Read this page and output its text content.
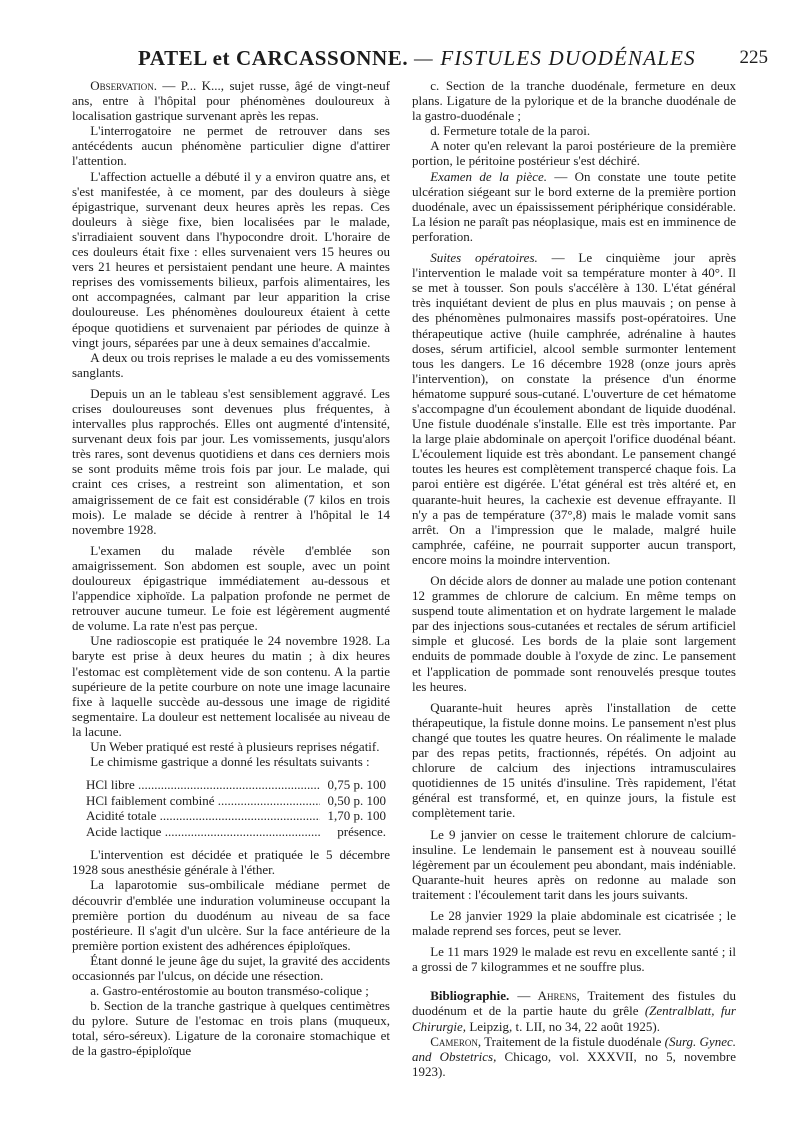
PATEL et CARCASSONNE. — FISTULES DUODÉNALES 225

Observation. — P... K..., sujet russe, âgé de vingt-neuf ans, entre à l'hôpital pour phénomènes douloureux à localisation gastrique survenant après les repas.

L'interrogatoire ne permet de retrouver dans ses antécédents aucun phénomène particulier digne d'attirer l'attention.

L'affection actuelle a débuté il y a environ quatre ans, et s'est manifestée, à ce moment, par des douleurs à siège épigastrique, survenant deux heures après les repas. Ces douleurs à siège fixe, bien localisées par le malade, s'irradiaient souvent dans l'hypocondre droit. L'horaire de ces douleurs était fixe : elles survenaient vers 15 heures ou vers 21 heures et persistaient pendant une heure. A maintes reprises des vomissements bilieux, parfois alimentaires, les ont accompagnées, calmant par leur apparition la crise douloureuse. Les phénomènes douloureux étaient à cette époque quotidiens et survenaient par périodes de quinze à vingt jours, séparées par une à deux semaines d'accalmie.

A deux ou trois reprises le malade a eu des vomissements sanglants.

Depuis un an le tableau s'est sensiblement aggravé. Les crises douloureuses sont devenues plus fréquentes, à intervalles plus rapprochés. Elles ont augmenté d'intensité, survenant deux fois par jour. Les vomissements, jusqu'alors très rares, sont devenus quotidiens et dans ces derniers mois se sont produits même trois fois par jour. Le malade, qui craint ces crises, a restreint son alimentation, et son amaigrissement de ce fait est considérable (7 kilos en trois mois). Le malade se décide à rentrer à l'hôpital le 14 novembre 1928.

L'examen du malade révèle d'emblée son amaigrissement. Son abdomen est souple, avec un point douloureux épigastrique immédiatement au-dessous et l'appendice xiphoïde. La palpation profonde ne permet de retrouver aucune tumeur. Le foie est légèrement augmenté de volume. La rate n'est pas perçue.

Une radioscopie est pratiquée le 24 novembre 1928. La baryte est prise à deux heures du matin ; à dix heures l'estomac est complètement vide de son contenu. A la partie supérieure de la petite courbure on note une image lacunaire fixe à laquelle succède au-dessous une image de rigidité segmentaire. La douleur est nettement localisée au niveau de la lacune.

Un Weber pratiqué est resté à plusieurs reprises négatif.

Le chimisme gastrique a donné les résultats suivants :

HCl libre .....	0,75 p. 100
HCl faiblement combiné .....	0,50 p. 100
Acidité totale .....	1,70 p. 100
Acide lactique .....	présence.

L'intervention est décidée et pratiquée le 5 décembre 1928 sous anesthésie générale à l'éther.

La laparotomie sus-ombilicale médiane permet de découvrir d'emblée une induration volumineuse occupant la première portion du duodénum au niveau de sa face postérieure. Il s'agit d'un ulcère. Sur la face antérieure de la première portion existent des adhérences épiploïques.

Étant donné le jeune âge du sujet, la gravité des accidents occasionnés par l'ulcus, on décide une résection.

a. Gastro-entérostomie au bouton transméso-colique ;

b. Section de la tranche gastrique à quelques centimètres du pylore. Suture de l'estomac en trois plans (muqueux, total, séro-séreux). Ligature de la coronaire stomachique et de la gastro-épiploïque

c. Section de la tranche duodénale, fermeture en deux plans. Ligature de la pylorique et de la branche duodénale de la gastro-duodénale ;

d. Fermeture totale de la paroi.

A noter qu'en relevant la paroi postérieure de la première portion, le péritoine postérieur s'est déchiré.

Examen de la pièce. — On constate une toute petite ulcération siégeant sur le bord externe de la première portion duodénale, avec un épaississement périphérique considérable. La lésion ne paraît pas néoplasique, mais est en imminence de perforation.

Suites opératoires. — Le cinquième jour après l'intervention le malade voit sa température monter à 40°. Il se met à tousser. Son pouls s'accélère à 130. L'état général très inquiétant devient de plus en plus mauvais ; on pense à des phénomènes pulmonaires massifs post-opératoires. Une thérapeutique active (huile camphrée, adrénaline à hautes doses, sérum artificiel, alcool semble surmonter lentement tous les dangers. Le 16 décembre 1928 (onze jours après l'intervention), on constate la présence d'un énorme hématome suppuré sous-cutané. L'ouverture de cet hématome s'accompagne d'un écoulement abondant de liquide duodénal. Une fistule duodénale s'installe. Elle est très importante. Par la large plaie abdominale on aperçoit l'orifice duodénal béant. L'écoulement liquide est très abondant. Le pansement changé toutes les heures est complètement transpercé chaque fois. La paroi entière est digérée. L'état général est très altéré et, en quarante-huit heures, la cachexie est devenue effrayante. Il n'y a pas de température (37°,8) mais le malade vomit sans arrêt. On a l'impression que le malade, malgré huile camphrée, caféine, ne pourrait supporter aucun transport, encore moins la moindre intervention.

On décide alors de donner au malade une potion contenant 12 grammes de chlorure de calcium. En même temps on suspend toute alimentation et on hydrate largement le malade par des injections sous-cutanées et rectales de sérum artificiel simple et glucosé. Les bords de la plaie sont largement enduits de pommade double à l'oxyde de zinc. Le pansement et l'application de pommade sont renouvelés presque toutes les heures.

Quarante-huit heures après l'installation de cette thérapeutique, la fistule donne moins. Le pansement n'est plus changé que toutes les quatre heures. On réalimente le malade par des repas petits, fractionnés, répétés. On adjoint au chlorure de calcium des injections intramusculaires quotidiennes de 15 unités d'insuline. Très rapidement, l'état général est transformé, et, en quinze jours, la fistule est complètement tarie.

Le 9 janvier on cesse le traitement chlorure de calcium-insuline. Le lendemain le pansement est à nouveau souillé légèrement par un écoulement peu abondant, mais indéniable. Quarante-huit heures après on redonne au malade son traitement : l'écoulement tarit dans les jours suivants.

Le 28 janvier 1929 la plaie abdominale est cicatrisée ; le malade reprend ses forces, peut se lever.

Le 11 mars 1929 le malade est revu en excellente santé ; il a grossi de 7 kilogrammes et ne souffre plus.

Bibliographie. — Ahrens, Traitement des fistules du duodénum et de la partie haute du grêle (Zentralblatt, fur Chirurgie, Leipzig, t. LII, no 34, 22 août 1925).

Cameron, Traitement de la fistule duodénale (Surg. Gynec. and Obstetrics, Chicago, vol. XXXVII, no 5, novembre 1923).
